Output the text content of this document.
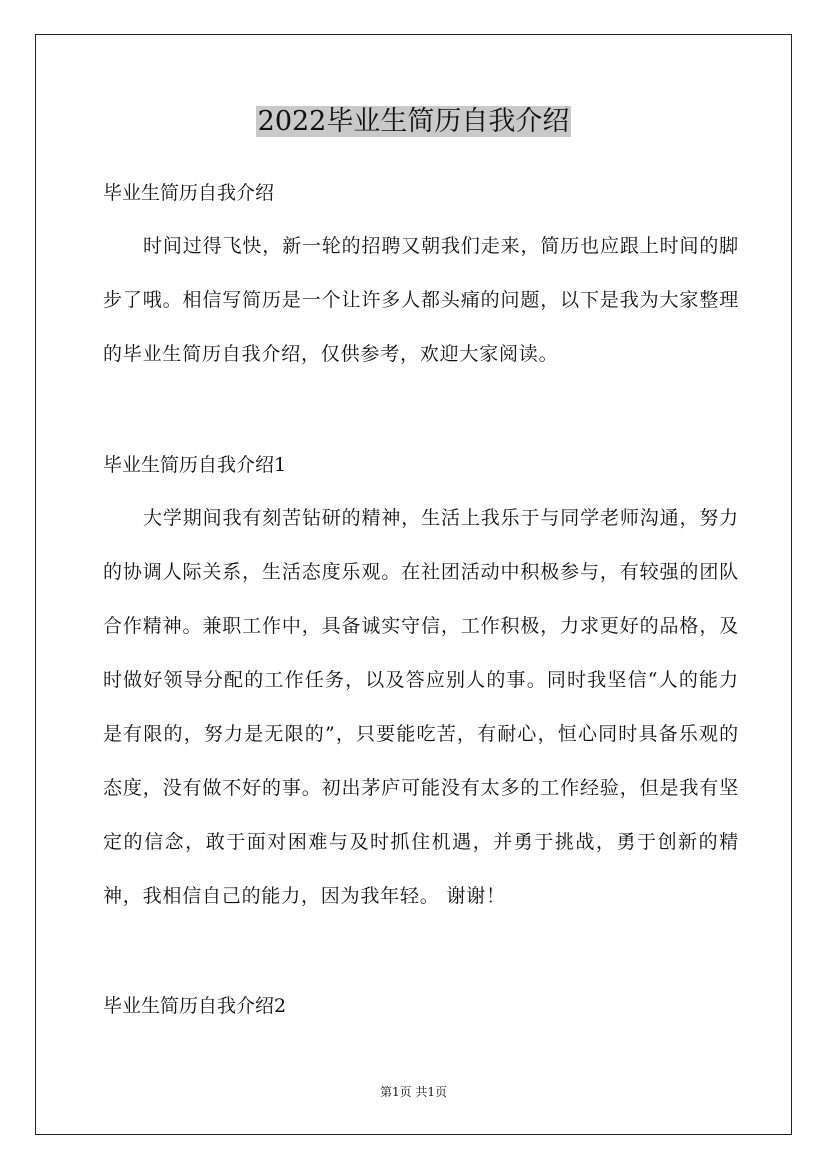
2022毕业生简历自我介绍
毕业生简历自我介绍

时间过得飞快，新一轮的招聘又朝我们走来，简历也应跟上时间的脚步了哦。相信写简历是一个让许多人都头痛的问题，以下是我为大家整理的毕业生简历自我介绍，仅供参考，欢迎大家阅读。

毕业生简历自我介绍1

大学期间我有刻苦钻研的精神，生活上我乐于与同学老师沟通，努力的协调人际关系，生活态度乐观。在社团活动中积极参与，有较强的团队合作精神。兼职工作中，具备诚实守信，工作积极，力求更好的品格，及时做好领导分配的工作任务，以及答应别人的事。同时我坚信“人的能力是有限的，努力是无限的”，只要能吃苦，有耐心，恒心同时具备乐观的态度，没有做不好的事。初出茅庐可能没有太多的工作经验，但是我有坚定的信念，敢于面对困难与及时抓住机遇，并勇于挑战，勇于创新的精神，我相信自己的能力，因为我年轻。 谢谢！

毕业生简历自我介绍2
第1页 共1页
